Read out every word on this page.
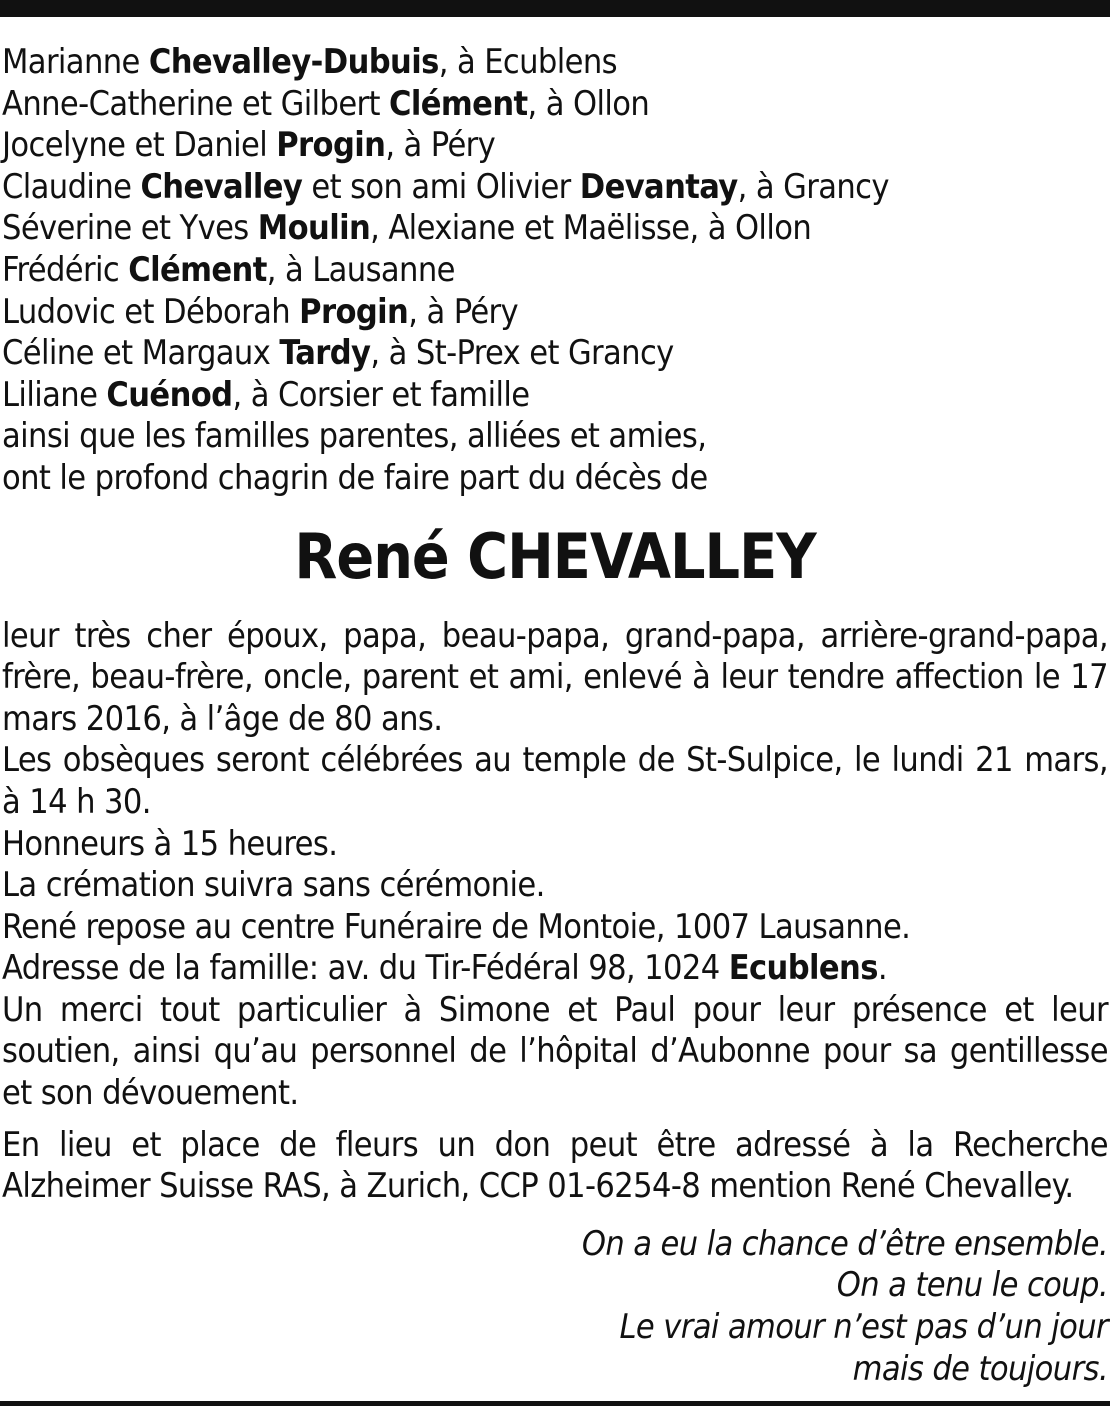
Marianne Chevalley-Dubuis, à Ecublens
Anne-Catherine et Gilbert Clément, à Ollon
Jocelyne et Daniel Progin, à Péry
Claudine Chevalley et son ami Olivier Devantay, à Grancy
Séverine et Yves Moulin, Alexiane et Maëlisse, à Ollon
Frédéric Clément, à Lausanne
Ludovic et Déborah Progin, à Péry
Céline et Margaux Tardy, à St-Prex et Grancy
Liliane Cuénod, à Corsier et famille
ainsi que les familles parentes, alliées et amies,
ont le profond chagrin de faire part du décès de
René CHEVALLEY
leur très cher époux, papa, beau-papa, grand-papa, arrière-grand-papa, frère, beau-frère, oncle, parent et ami, enlevé à leur tendre affection le 17 mars 2016, à l’âge de 80 ans.
Les obsèques seront célébrées au temple de St-Sulpice, le lundi 21 mars, à 14 h 30.
Honneurs à 15 heures.
La crémation suivra sans cérémonie.
René repose au centre Funéraire de Montoie, 1007 Lausanne.
Adresse de la famille: av. du Tir-Fédéral 98, 1024 Ecublens.
Un merci tout particulier à Simone et Paul pour leur présence et leur soutien, ainsi qu’au personnel de l’hôpital d’Aubonne pour sa gentillesse et son dévouement.
En lieu et place de fleurs un don peut être adressé à la Recherche Alzheimer Suisse RAS, à Zurich, CCP 01-6254-8 mention René Chevalley.
On a eu la chance d’être ensemble.
On a tenu le coup.
Le vrai amour n’est pas d’un jour
mais de toujours.
